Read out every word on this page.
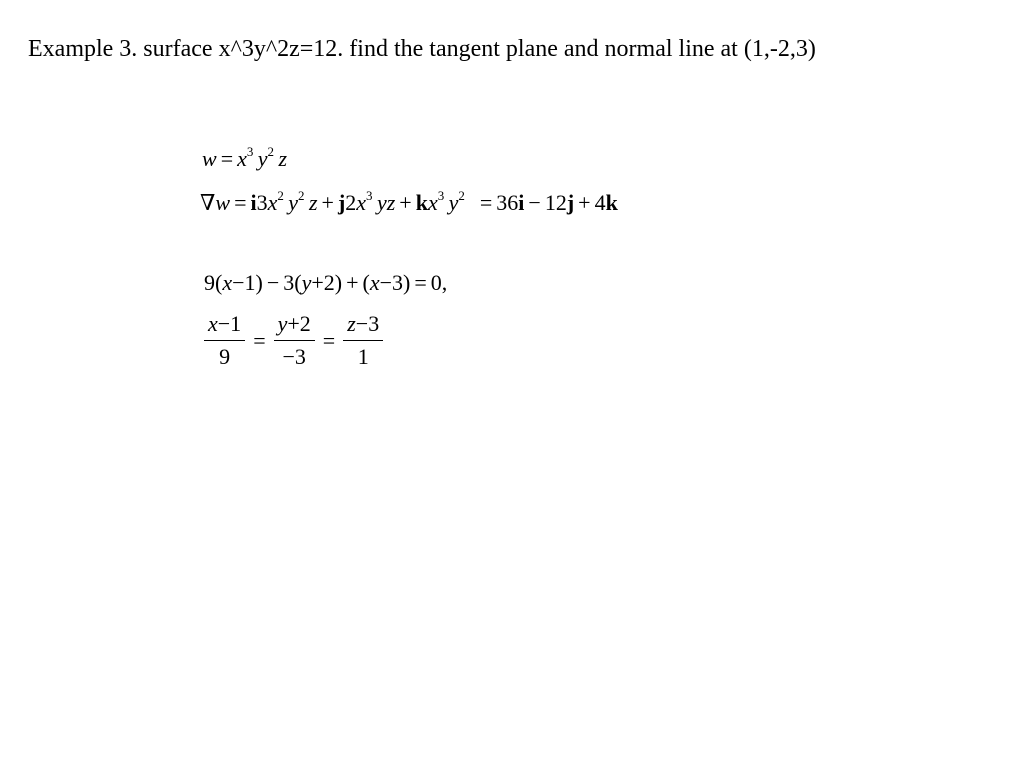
Example 3. surface x^3y^2z=12. find the tangent plane and normal line at (1,-2,3)
$w = x^3$  $y^2$  z
$\nabla w = i3x^2$  $y^2$  $z + j2x^3$  yz + $kx^3$  $y^2$  = 36i − 12j + 4k
9(x−1) − 3(y+2) + (x−3) = 0,
$\frac{x-1}{9} = \frac{y+2}{-3} = \frac{z-3}{1}$
